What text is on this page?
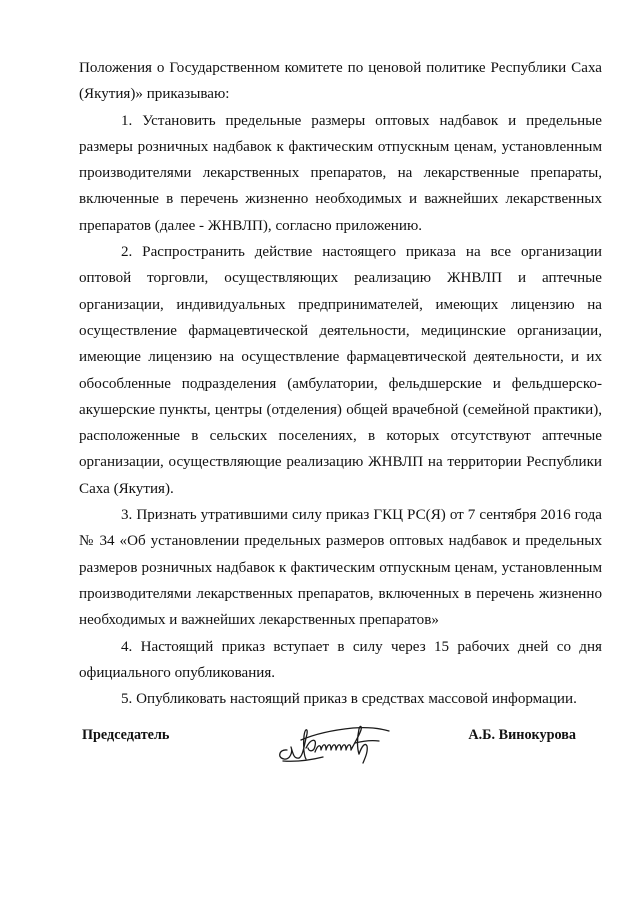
Положения о Государственном комитете по ценовой политике Республики Саха (Якутия)» приказываю:

1. Установить предельные размеры оптовых надбавок и предельные размеры розничных надбавок к фактическим отпускным ценам, установленным производителями лекарственных препаратов, на лекарственные препараты, включенные в перечень жизненно необходимых и важнейших лекарственных препаратов (далее - ЖНВЛП), согласно приложению.

2. Распространить действие настоящего приказа на все организации оптовой торговли, осуществляющих реализацию ЖНВЛП и аптечные организации, индивидуальных предпринимателей, имеющих лицензию на осуществление фармацевтической деятельности, медицинские организации, имеющие лицензию на осуществление фармацевтической деятельности, и их обособленные подразделения (амбулатории, фельдшерские и фельдшерско-акушерские пункты, центры (отделения) общей врачебной (семейной практики), расположенные в сельских поселениях, в которых отсутствуют аптечные организации, осуществляющие реализацию ЖНВЛП на территории Республики Саха (Якутия).

3. Признать утратившими силу приказ ГКЦ РС(Я) от 7 сентября 2016 года № 34 «Об установлении предельных размеров оптовых надбавок и предельных размеров розничных надбавок к фактическим отпускным ценам, установленным производителями лекарственных препаратов, включенных в перечень жизненно необходимых и важнейших лекарственных препаратов»

4. Настоящий приказ вступает в силу через 15 рабочих дней со дня официального опубликования.

5. Опубликовать настоящий приказ в средствах массовой информации.

Председатель	А.Б. Винокурова
